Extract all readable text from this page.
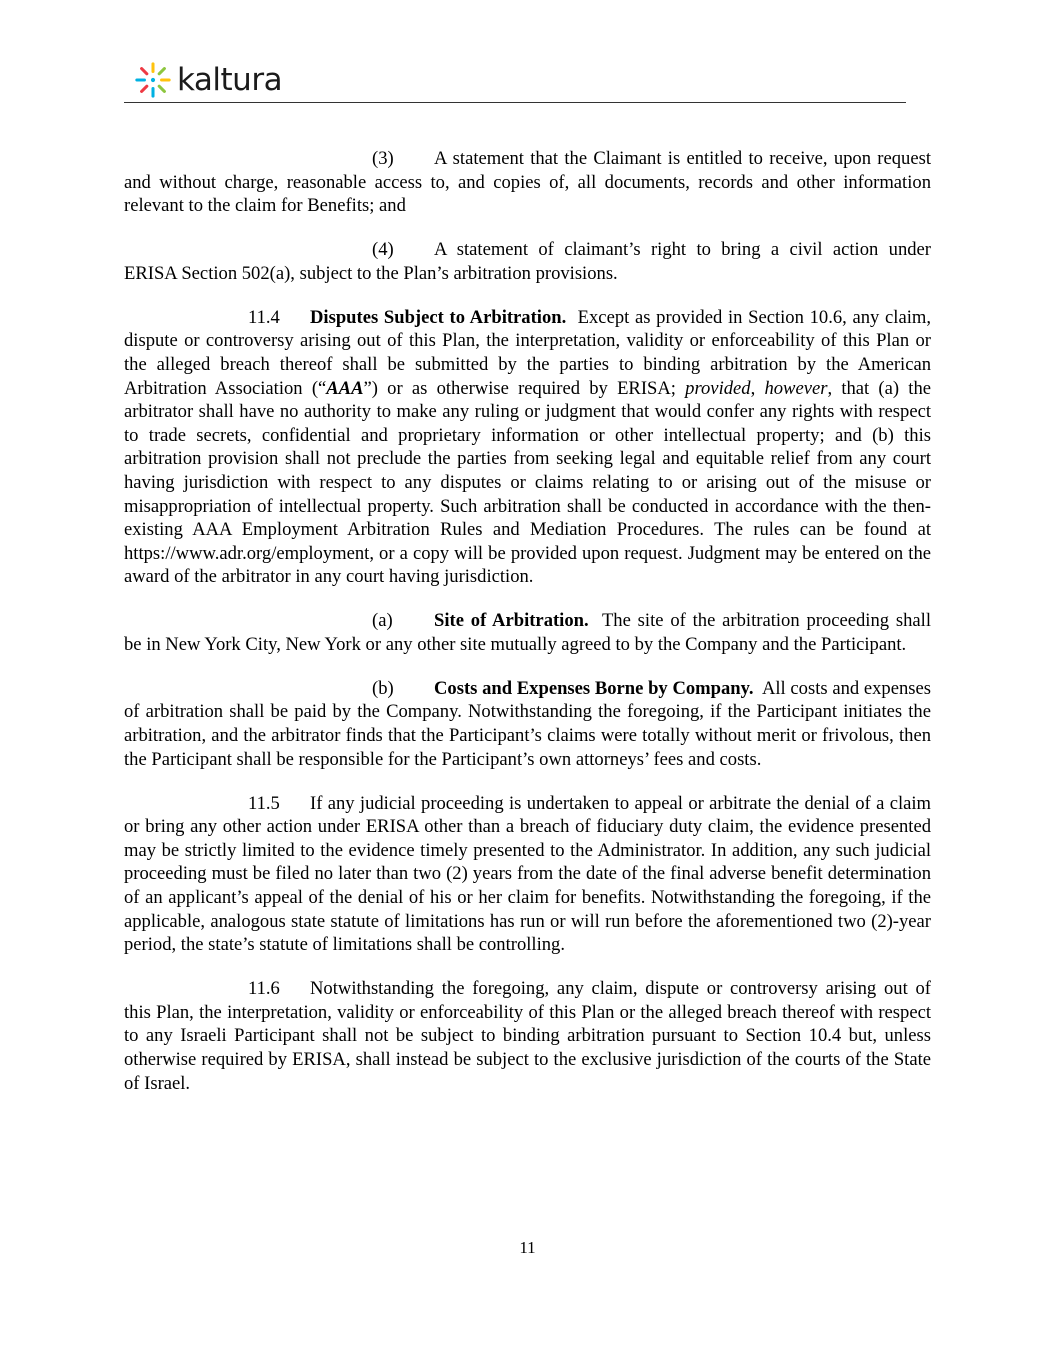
kaltura

(3) A statement that the Claimant is entitled to receive, upon request and without charge, reasonable access to, and copies of, all documents, records and other information relevant to the claim for Benefits; and

(4) A statement of claimant’s right to bring a civil action under ERISA Section 502(a), subject to the Plan’s arbitration provisions.

11.4 Disputes Subject to Arbitration. Except as provided in Section 10.6, any claim, dispute or controversy arising out of this Plan, the interpretation, validity or enforceability of this Plan or the alleged breach thereof shall be submitted by the parties to binding arbitration by the American Arbitration Association (“AAA”) or as otherwise required by ERISA; provided, however, that (a) the arbitrator shall have no authority to make any ruling or judgment that would confer any rights with respect to trade secrets, confidential and proprietary information or other intellectual property; and (b) this arbitration provision shall not preclude the parties from seeking legal and equitable relief from any court having jurisdiction with respect to any disputes or claims relating to or arising out of the misuse or misappropriation of intellectual property. Such arbitration shall be conducted in accordance with the then-existing AAA Employment Arbitration Rules and Mediation Procedures. The rules can be found at https://www.adr.org/employment, or a copy will be provided upon request. Judgment may be entered on the award of the arbitrator in any court having jurisdiction.

(a) Site of Arbitration. The site of the arbitration proceeding shall be in New York City, New York or any other site mutually agreed to by the Company and the Participant.

(b) Costs and Expenses Borne by Company. All costs and expenses of arbitration shall be paid by the Company. Notwithstanding the foregoing, if the Participant initiates the arbitration, and the arbitrator finds that the Participant’s claims were totally without merit or frivolous, then the Participant shall be responsible for the Participant’s own attorneys’ fees and costs.

11.5 If any judicial proceeding is undertaken to appeal or arbitrate the denial of a claim or bring any other action under ERISA other than a breach of fiduciary duty claim, the evidence presented may be strictly limited to the evidence timely presented to the Administrator. In addition, any such judicial proceeding must be filed no later than two (2) years from the date of the final adverse benefit determination of an applicant’s appeal of the denial of his or her claim for benefits. Notwithstanding the foregoing, if the applicable, analogous state statute of limitations has run or will run before the aforementioned two (2)-year period, the state’s statute of limitations shall be controlling.

11.6 Notwithstanding the foregoing, any claim, dispute or controversy arising out of this Plan, the interpretation, validity or enforceability of this Plan or the alleged breach thereof with respect to any Israeli Participant shall not be subject to binding arbitration pursuant to Section 10.4 but, unless otherwise required by ERISA, shall instead be subject to the exclusive jurisdiction of the courts of the State of Israel.

11
